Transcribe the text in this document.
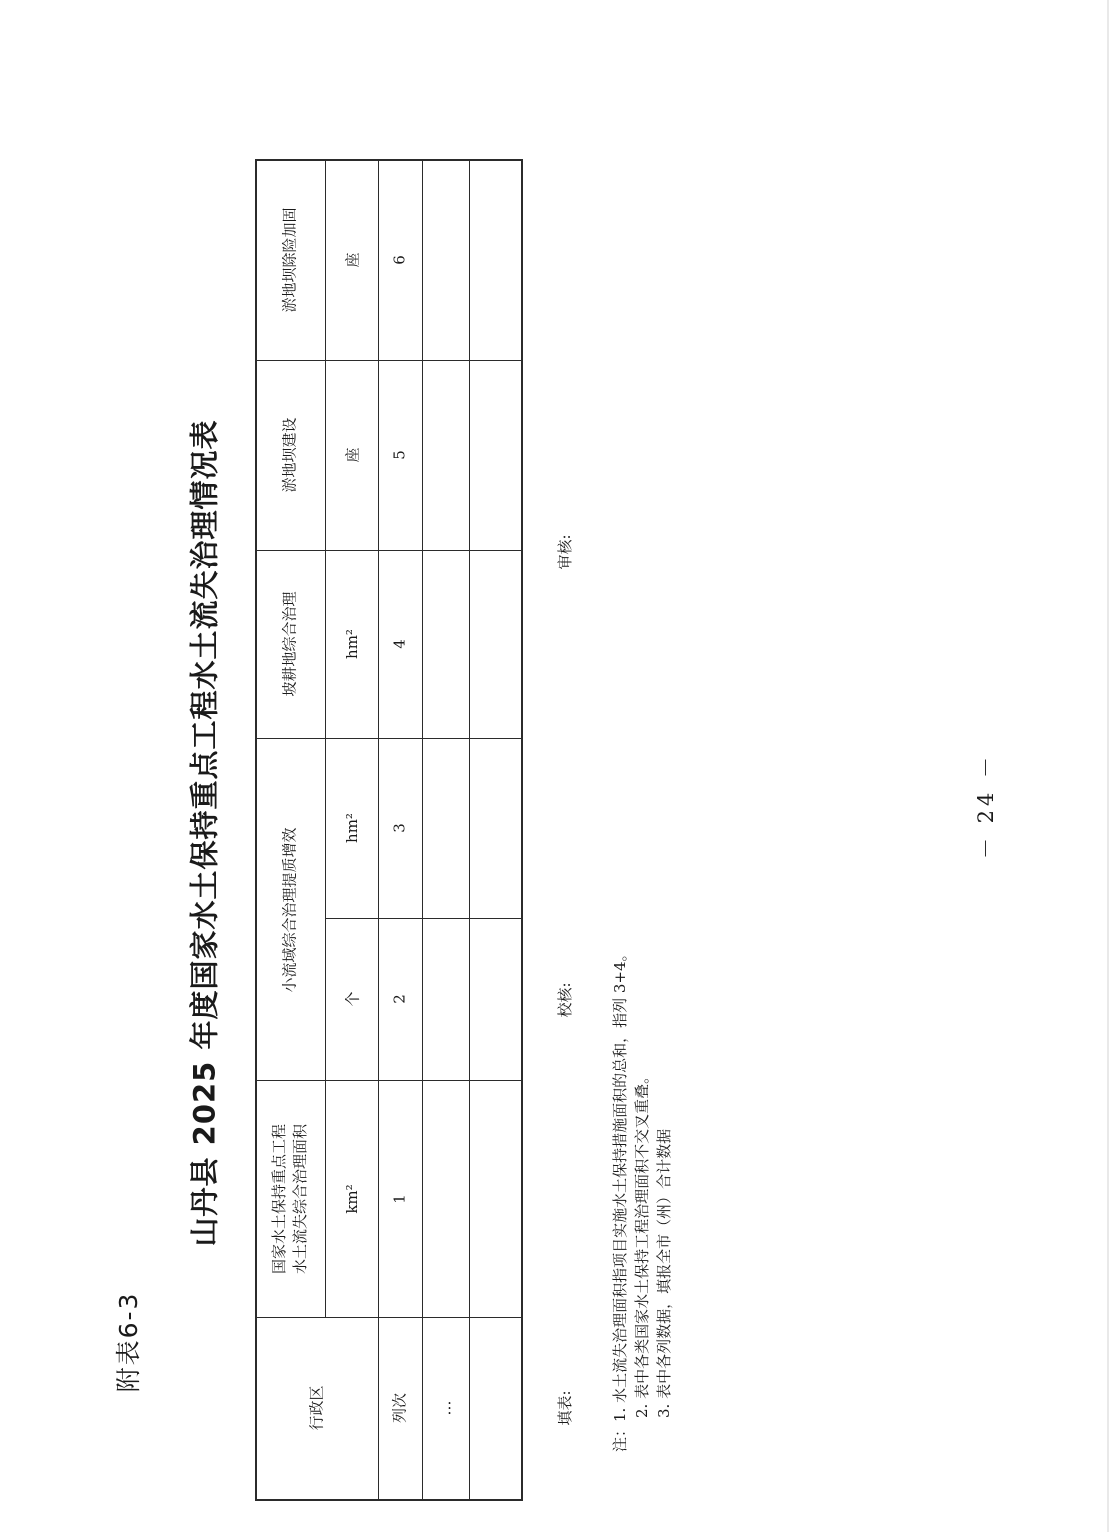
附表6-3
山丹县 2025 年度国家水土保持重点工程水土流失治理情况表
行政区
国家水土保持重点工程 水土流失综合治理面积
小流域综合治理提质增效
坡耕地综合治理
淤地坝建设
淤地坝除险加固
km²
个
hm²
hm²
座
座
列次
1
2
3
4
5
6
…	填表:
校核:
审核:
注：1. 水土流失治理面积指项目实施水土保持措施面积的总和，指列 3+4。 2. 表中各类国家水土保持工程治理面积不交叉重叠。 3. 表中各列数据，填报全市（州）合计数据
－ 24 －
